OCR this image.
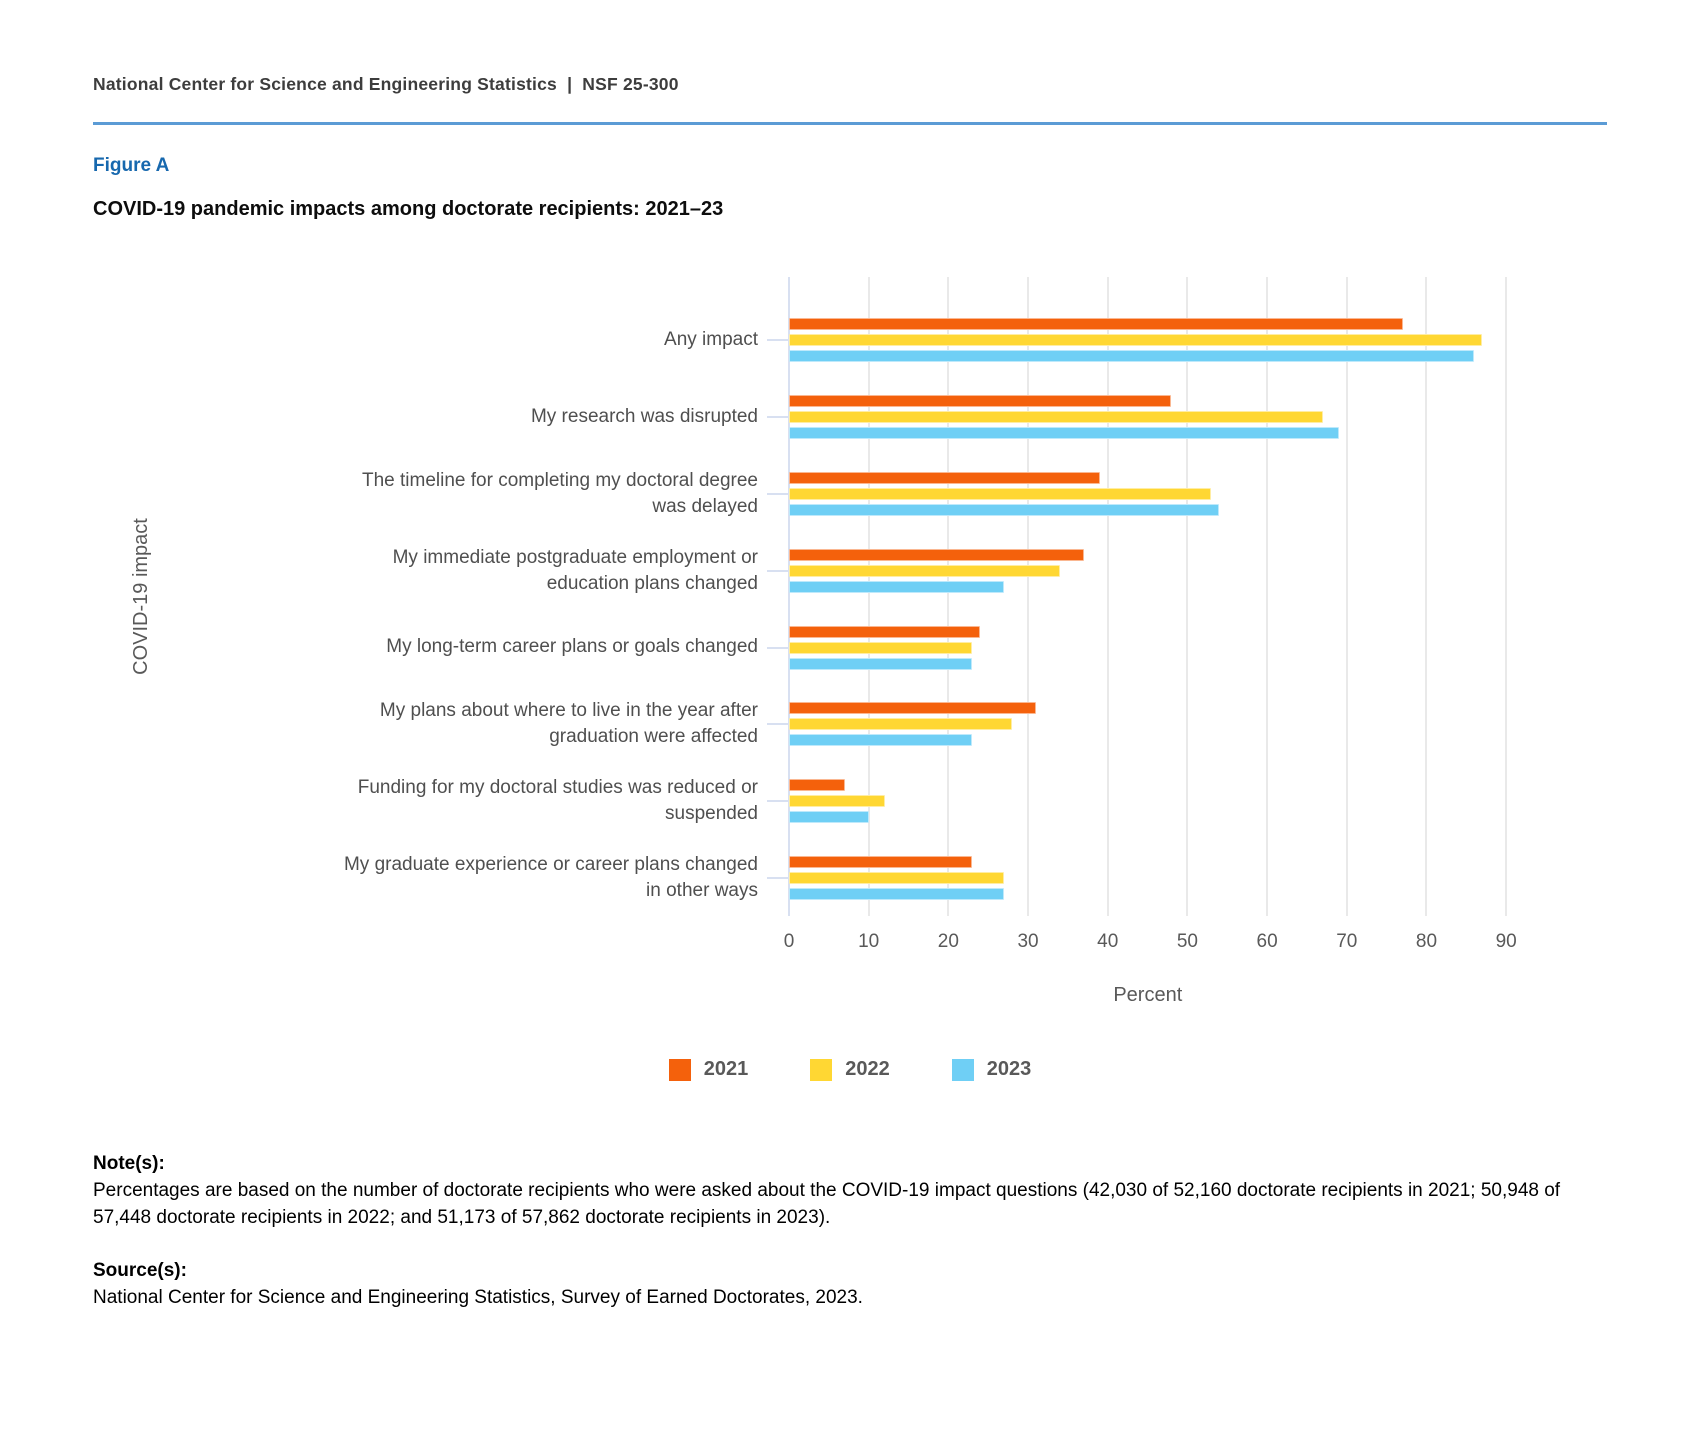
National Center for Science and Engineering Statistics  |  NSF 25-300
Figure A
COVID-19 pandemic impacts among doctorate recipients: 2021–23
COVID-19 impact
Any impact
My research was disrupted
The timeline for completing my doctoral degree was delayed
My immediate postgraduate employment or education plans changed
My long-term career plans or goals changed
My plans about where to live in the year after graduation were affected
Funding for my doctoral studies was reduced or suspended
My graduate experience or career plans changed in other ways
0	10	20	30	40	50	60	70	80	90
Percent
2021	2022	2023
Note(s):
Percentages are based on the number of doctorate recipients who were asked about the COVID-19 impact questions (42,030 of 52,160 doctorate recipients in 2021; 50,948 of 57,448 doctorate recipients in 2022; and 51,173 of 57,862 doctorate recipients in 2023).
Source(s):
National Center for Science and Engineering Statistics, Survey of Earned Doctorates, 2023.
